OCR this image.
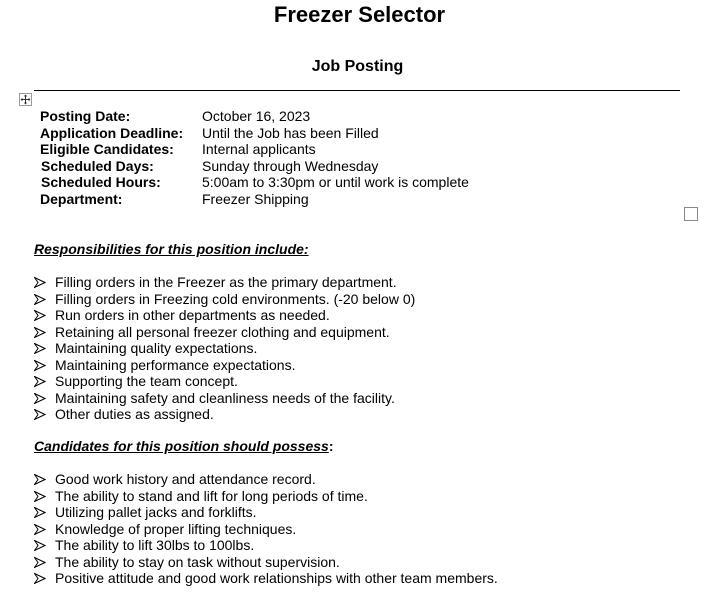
Freezer Selector
Job Posting
Posting Date:	October 16, 2023
Application Deadline: Until the Job has been Filled
Eligible Candidates: Internal applicants
Scheduled Days:	Sunday through Wednesday
Scheduled Hours:	5:00am to 3:30pm or until work is complete
Department:	Freezer Shipping
Responsibilities for this position include:
Filling orders in the Freezer as the primary department.
Filling orders in Freezing cold environments. (-20 below 0)
Run orders in other departments as needed.
Retaining all personal freezer clothing and equipment.
Maintaining quality expectations.
Maintaining performance expectations.
Supporting the team concept.
Maintaining safety and cleanliness needs of the facility.
Other duties as assigned.
Candidates for this position should possess:
Good work history and attendance record.
The ability to stand and lift for long periods of time.
Utilizing pallet jacks and forklifts.
Knowledge of proper lifting techniques.
The ability to lift 30lbs to 100lbs.
The ability to stay on task without supervision.
Positive attitude and good work relationships with other team members.
